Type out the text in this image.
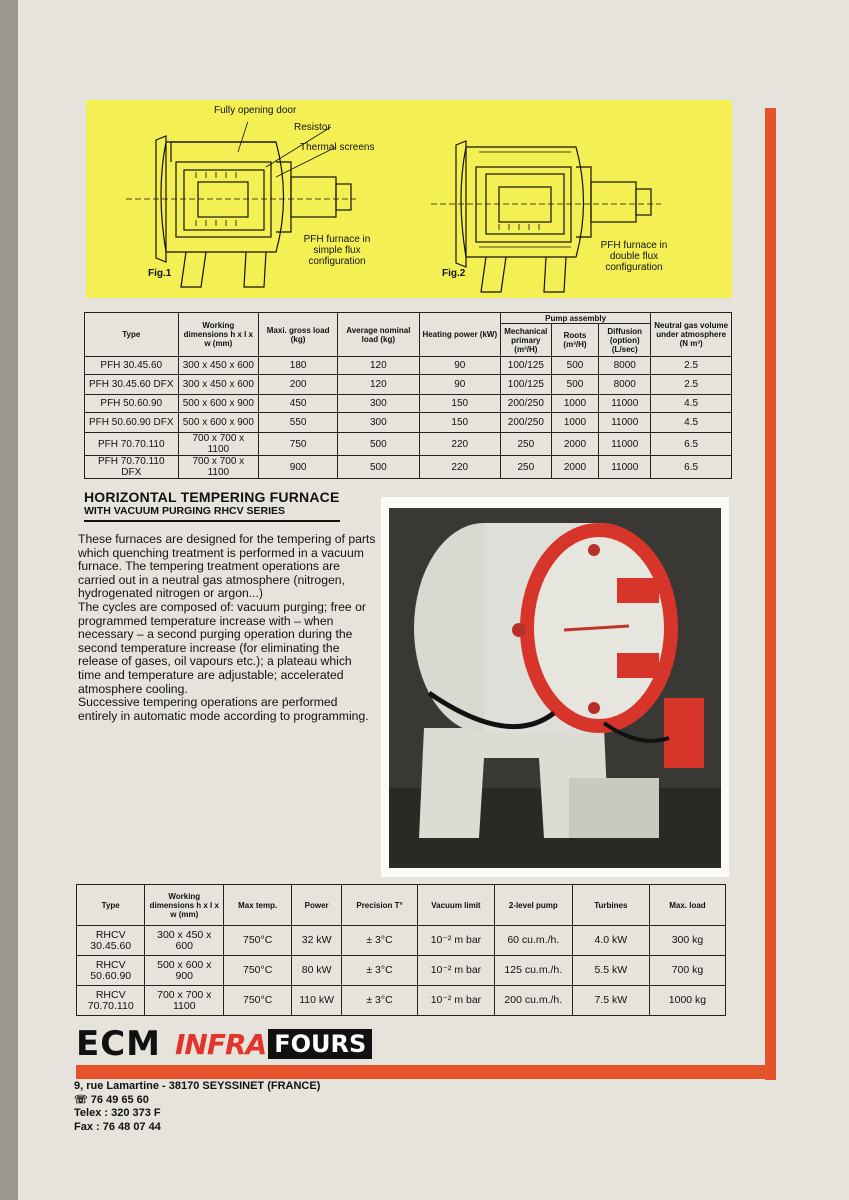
Fully opening door
Resistor
Thermal screens
Fig.1
PFH furnace in simple flux configuration
Fig.2
PFH furnace in double flux configuration
Type	Working dimensions h x l x w (mm)	Maxi. gross load (kg)	Average nominal load (kg)	Heating power (kW)	Pump assembly			Neutral gas volume under atmosphere (N m³)
					Mechanical primary (m³/H)	Roots (m³/H)	Diffusion (option) (L/sec)	
PFH 30.45.60	300 x 450 x 600	180	120	90	100/125	500	8000	2.5
PFH 30.45.60 DFX	300 x 450 x 600	200	120	90	100/125	500	8000	2.5
PFH 50.60.90	500 x 600 x 900	450	300	150	200/250	1000	11000	4.5
PFH 50.60.90 DFX	500 x 600 x 900	550	300	150	200/250	1000	11000	4.5
PFH 70.70.110	700 x 700 x 1100	750	500	220	250	2000	11000	6.5
PFH 70.70.110 DFX	700 x 700 x 1100	900	500	220	250	2000	11000	6.5
HORIZONTAL TEMPERING FURNACE
WITH VACUUM PURGING RHCV SERIES

These furnaces are designed for the tempering of parts which quenching treatment is performed in a vacuum furnace. The tempering treatment operations are carried out in a neutral gas atmosphere (nitrogen, hydrogenated nitrogen or argon...)

The cycles are composed of: vacuum purging; free or programmed temperature increase with – when necessary – a second purging operation during the second temperature increase (for eliminating the release of gases, oil vapours etc.); a plateau which time and temperature are adjustable; accelerated atmosphere cooling.

Successive tempering operations are performed entirely in automatic mode according to programming.

Type	Working dimensions h x l x w (mm)	Max temp.	Power	Precision T°	Vacuum limit	2-level pump	Turbines	Max. load
RHCV 30.45.60	300 x 450 x 600	750°C	32 kW	± 3°C	10⁻² m bar	60 cu.m./h.	4.0 kW	300 kg
RHCV 50.60.90	500 x 600 x 900	750°C	80 kW	± 3°C	10⁻² m bar	125 cu.m./h.	5.5 kW	700 kg
RHCV 70.70.110	700 x 700 x 1100	750°C	110 kW	± 3°C	10⁻² m bar	200 cu.m./h.	7.5 kW	1000 kg
ECM INFRA FOURS
9, rue Lamartine - 38170 SEYSSINET (FRANCE)
☏ 76 49 65 60
Telex : 320 373 F
Fax : 76 48 07 44
